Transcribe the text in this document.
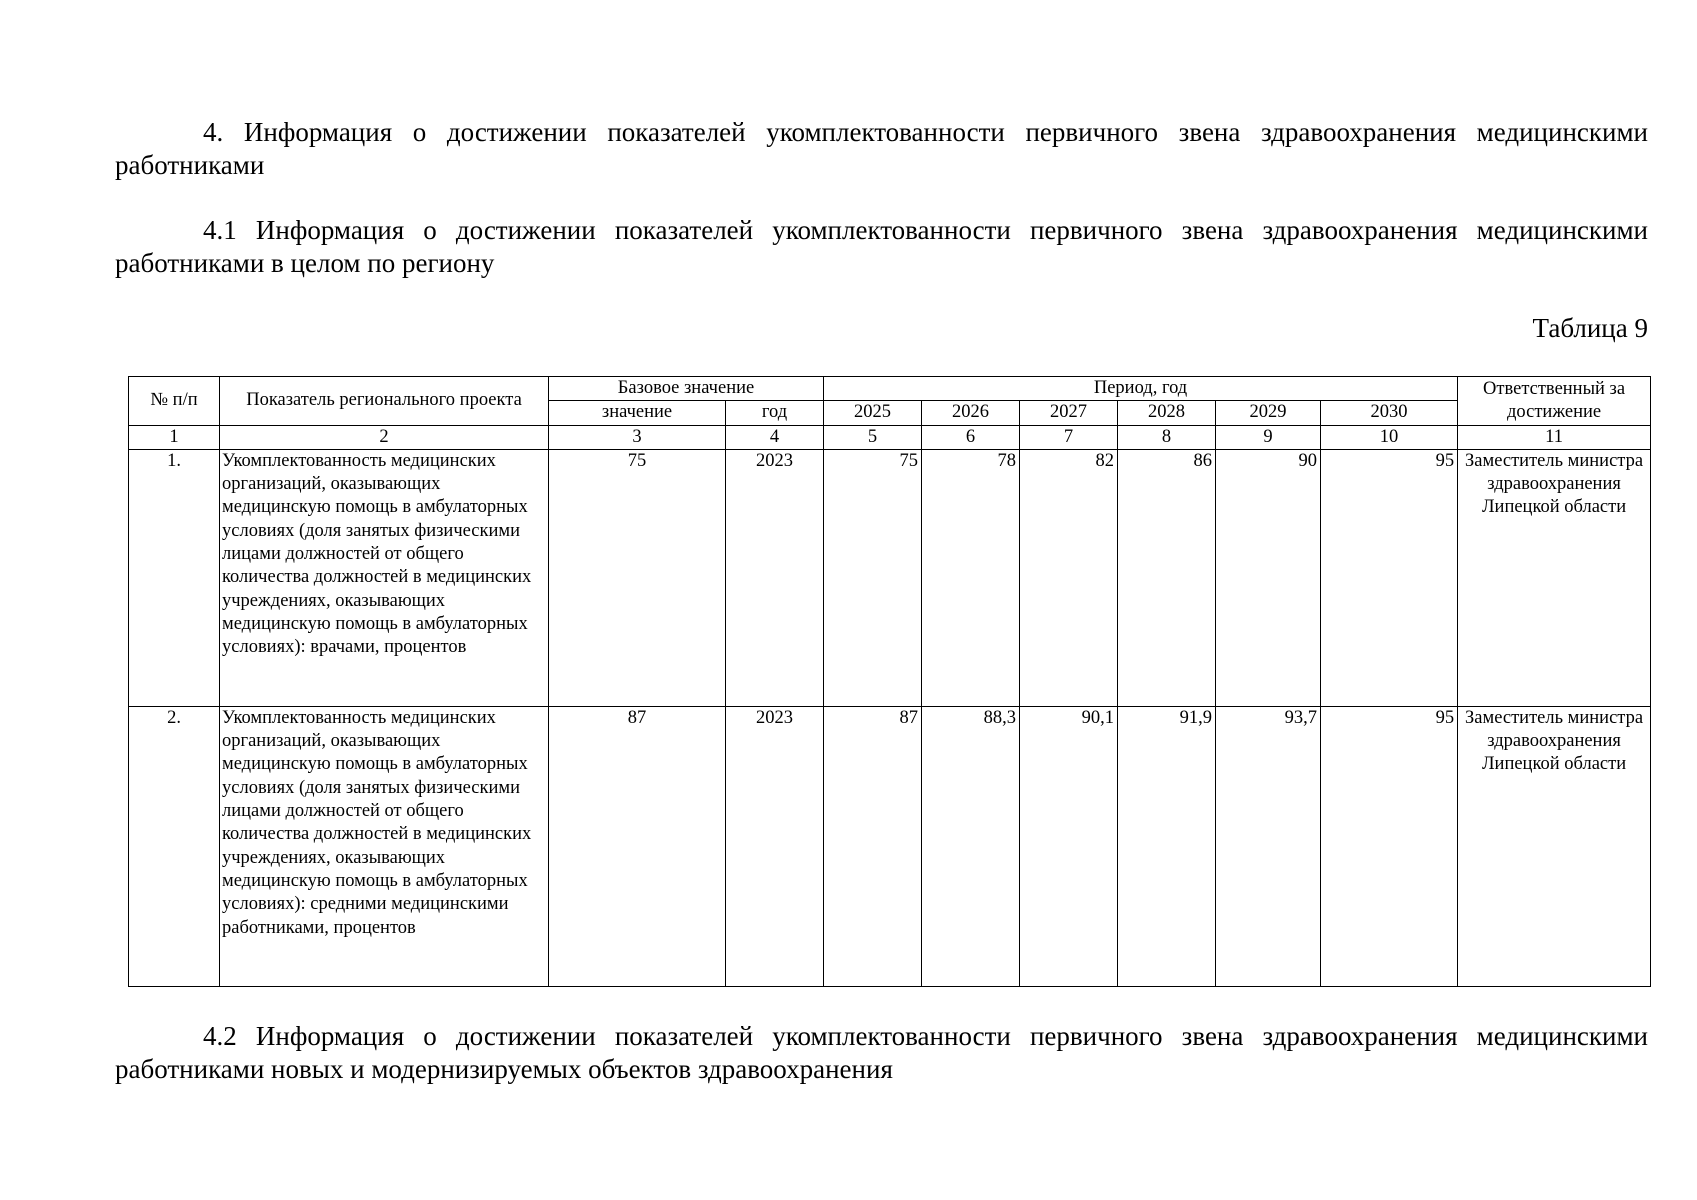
4. Информация о достижении показателей укомплектованности первичного звена здравоохранения медицинскими работниками

4.1 Информация о достижении показателей укомплектованности первичного звена здравоохранения медицинскими работниками в целом по региону

Таблица 9
№ п/п	Показатель регионального проекта	Базовое значение		Период, год						Ответственный за достижение
		значение	год	2025	2026	2027	2028	2029	2030	
1	2	3	4	5	6	7	8	9	10	11
1.	Укомплектованность медицинских организаций, оказывающих медицинскую помощь в амбулаторных условиях (доля занятых физическими лицами должностей от общего количества должностей в медицинских учреждениях, оказывающих медицинскую помощь в амбулаторных условиях): врачами, процентов	75	2023	75	78	82	86	90	95	Заместитель министра здравоохранения Липецкой области
2.	Укомплектованность медицинских организаций, оказывающих медицинскую помощь в амбулаторных условиях (доля занятых физическими лицами должностей от общего количества должностей в медицинских учреждениях, оказывающих медицинскую помощь в амбулаторных условиях): средними медицинскими работниками, процентов	87	2023	87	88,3	90,1	91,9	93,7	95	Заместитель министра здравоохранения Липецкой области

4.2 Информация о достижении показателей укомплектованности первичного звена здравоохранения медицинскими работниками новых и модернизируемых объектов здравоохранения
